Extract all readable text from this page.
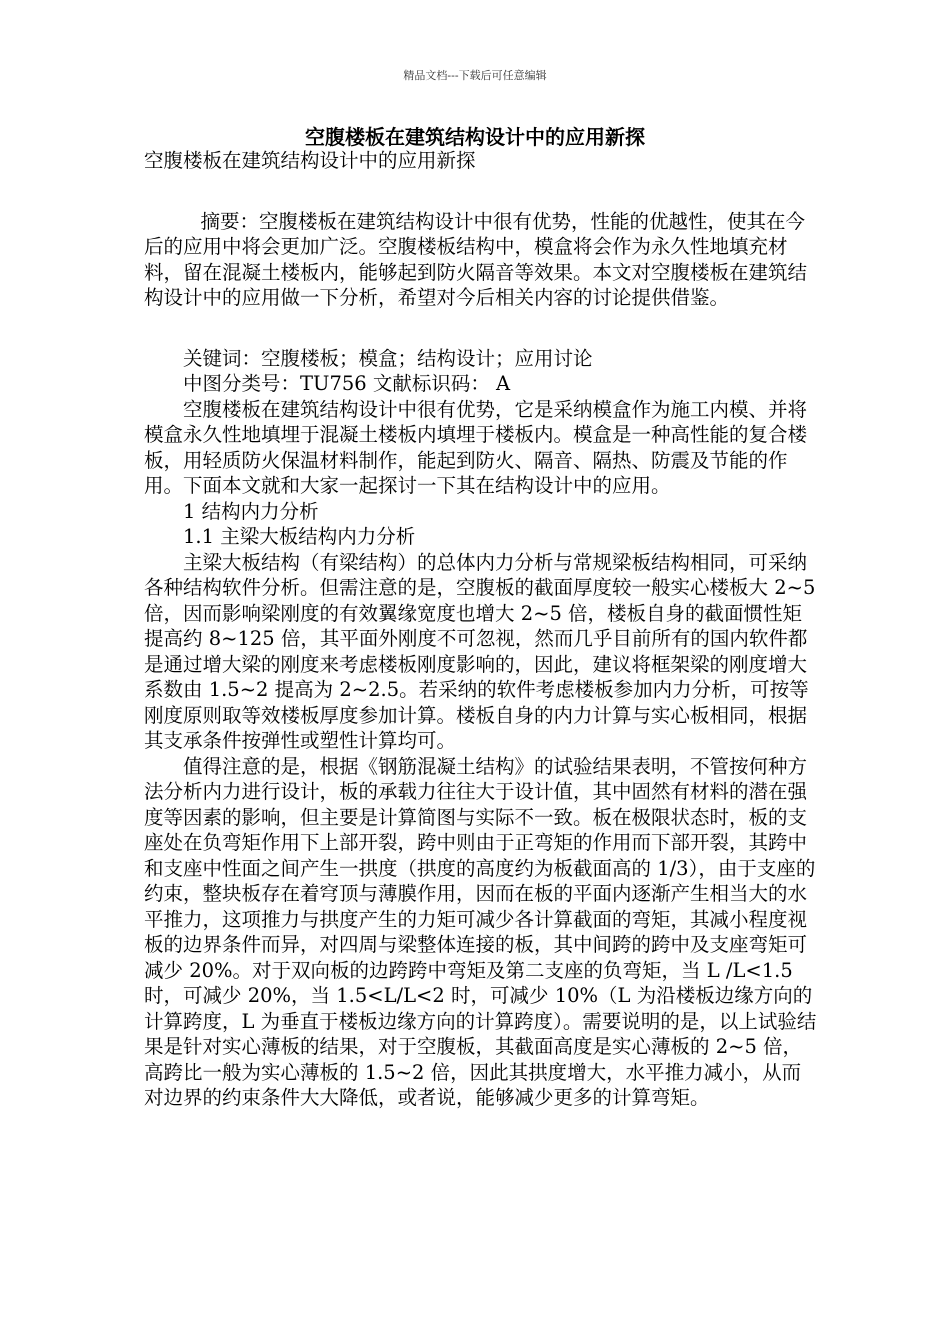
精品文档---下载后可任意编辑
空腹楼板在建筑结构设计中的应用新探

空腹楼板在建筑结构设计中的应用新探

摘要：空腹楼板在建筑结构设计中很有优势，性能的优越性，使其在今后的应用中将会更加广泛。空腹楼板结构中，模盒将会作为永久性地填充材料，留在混凝土楼板内，能够起到防火隔音等效果。本文对空腹楼板在建筑结构设计中的应用做一下分析，希望对今后相关内容的讨论提供借鉴。

关键词：空腹楼板；模盒；结构设计；应用讨论

中图分类号：TU756 文献标识码： A

空腹楼板在建筑结构设计中很有优势，它是采纳模盒作为施工内模、并将模盒永久性地填埋于混凝土楼板内填埋于楼板内。模盒是一种高性能的复合楼板，用轻质防火保温材料制作，能起到防火、隔音、隔热、防震及节能的作用。下面本文就和大家一起探讨一下其在结构设计中的应用。

1 结构内力分析

1.1 主梁大板结构内力分析

主梁大板结构（有梁结构）的总体内力分析与常规梁板结构相同，可采纳各种结构软件分析。但需注意的是，空腹板的截面厚度较一般实心楼板大 2~5 倍，因而影响梁刚度的有效翼缘宽度也增大 2~5 倍，楼板自身的截面惯性矩提高约 8~125 倍，其平面外刚度不可忽视，然而几乎目前所有的国内软件都是通过增大梁的刚度来考虑楼板刚度影响的，因此，建议将框架梁的刚度增大系数由 1.5~2 提高为 2~2.5。若采纳的软件考虑楼板参加内力分析，可按等刚度原则取等效楼板厚度参加计算。楼板自身的内力计算与实心板相同，根据其支承条件按弹性或塑性计算均可。

值得注意的是，根据《钢筋混凝土结构》的试验结果表明，不管按何种方法分析内力进行设计，板的承载力往往大于设计值，其中固然有材料的潜在强度等因素的影响，但主要是计算简图与实际不一致。板在极限状态时，板的支座处在负弯矩作用下上部开裂，跨中则由于正弯矩的作用而下部开裂，其跨中和支座中性面之间产生一拱度（拱度的高度约为板截面高的 1/3），由于支座的约束，整块板存在着穹顶与薄膜作用，因而在板的平面内逐渐产生相当大的水平推力，这项推力与拱度产生的力矩可减少各计算截面的弯矩，其减小程度视板的边界条件而异，对四周与梁整体连接的板，其中间跨的跨中及支座弯矩可减少 20%。对于双向板的边跨跨中弯矩及第二支座的负弯矩，当 L /L<1.5 时，可减少 20%，当 1.5<L/L<2 时，可减少 10%（L 为沿楼板边缘方向的计算跨度，L 为垂直于楼板边缘方向的计算跨度）。需要说明的是，以上试验结果是针对实心薄板的结果，对于空腹板，其截面高度是实心薄板的 2~5 倍，高跨比一般为实心薄板的 1.5~2 倍，因此其拱度增大，水平推力减小，从而对边界的约束条件大大降低，或者说，能够减少更多的计算弯矩。
